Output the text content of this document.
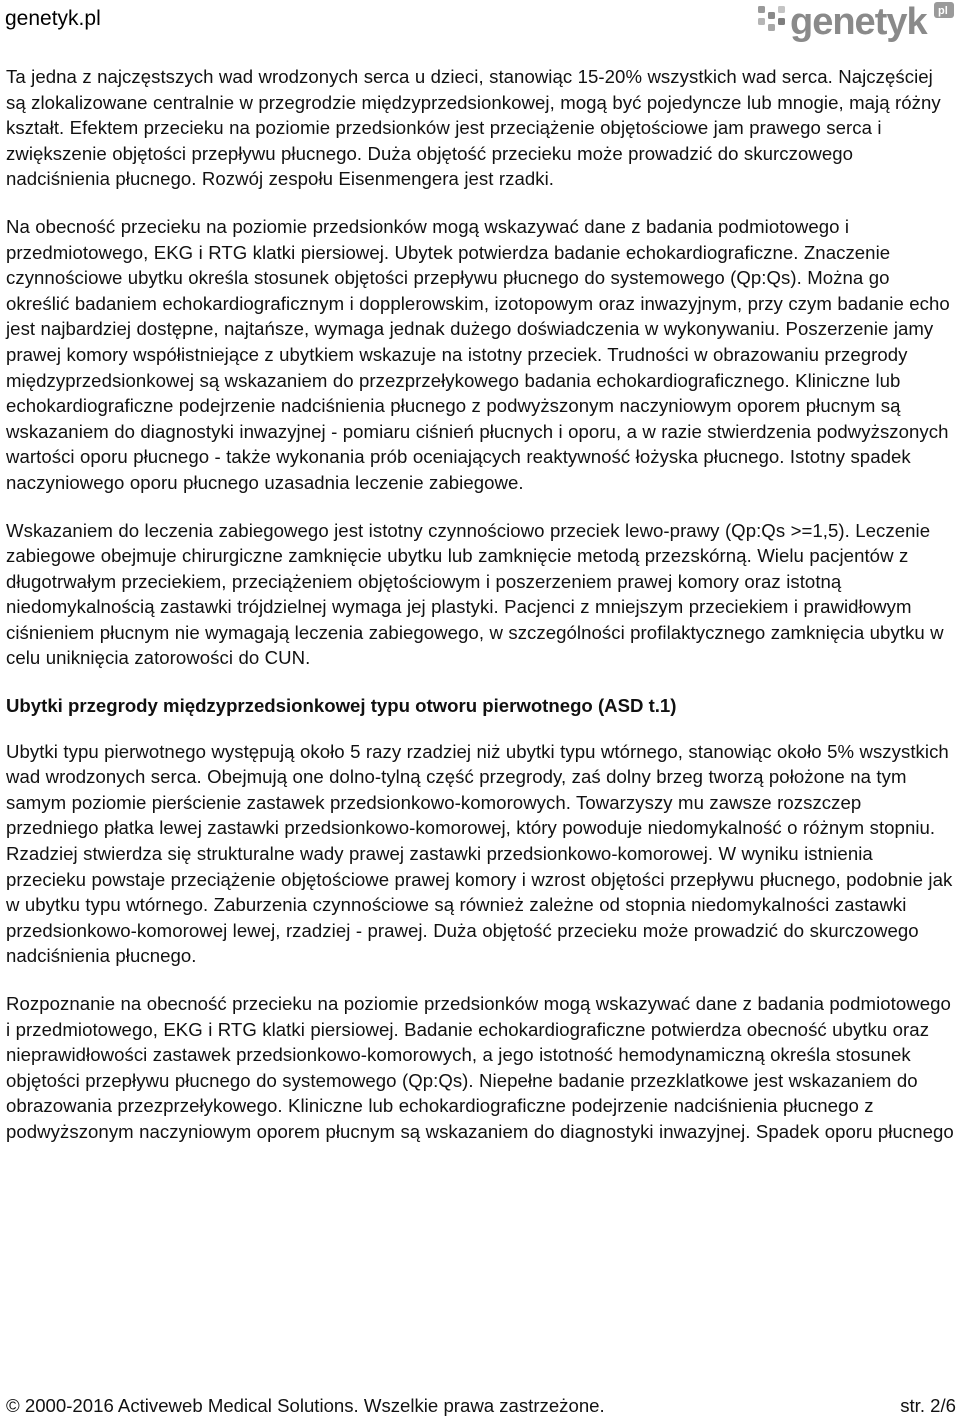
genetyk.pl	genetyk pl

Ta jedna z najczęstszych wad wrodzonych serca u dzieci, stanowiąc 15-20% wszystkich wad serca. Najczęściej są zlokalizowane centralnie w przegrodzie międzyprzedsionkowej, mogą być pojedyncze lub mnogie, mają różny kształt. Efektem przecieku na poziomie przedsionków jest przeciążenie objętościowe jam prawego serca i zwiększenie objętości przepływu płucnego. Duża objętość przecieku może prowadzić do skurczowego nadciśnienia płucnego. Rozwój zespołu Eisenmengera jest rzadki.

Na obecność przecieku na poziomie przedsionków mogą wskazywać dane z badania podmiotowego i przedmiotowego, EKG i RTG klatki piersiowej. Ubytek potwierdza badanie echokardiograficzne. Znaczenie czynnościowe ubytku określa stosunek objętości przepływu płucnego do systemowego (Qp:Qs). Można go określić badaniem echokardiograficznym i dopplerowskim, izotopowym oraz inwazyjnym, przy czym badanie echo jest najbardziej dostępne, najtańsze, wymaga jednak dużego doświadczenia w wykonywaniu. Poszerzenie jamy prawej komory współistniejące z ubytkiem wskazuje na istotny przeciek. Trudności w obrazowaniu przegrody międzyprzedsionkowej są wskazaniem do przezprzełykowego badania echokardiograficznego. Kliniczne lub echokardiograficzne podejrzenie nadciśnienia płucnego z podwyższonym naczyniowym oporem płucnym są wskazaniem do diagnostyki inwazyjnej - pomiaru ciśnień płucnych i oporu, a w razie stwierdzenia podwyższonych wartości oporu płucnego - także wykonania prób oceniających reaktywność łożyska płucnego. Istotny spadek naczyniowego oporu płucnego uzasadnia leczenie zabiegowe.

Wskazaniem do leczenia zabiegowego jest istotny czynnościowo przeciek lewo-prawy (Qp:Qs >=1,5). Leczenie zabiegowe obejmuje chirurgiczne zamknięcie ubytku lub zamknięcie metodą przezskórną. Wielu pacjentów z długotrwałym przeciekiem, przeciążeniem objętościowym i poszerzeniem prawej komory oraz istotną niedomykalnością zastawki trójdzielnej wymaga jej plastyki. Pacjenci z mniejszym przeciekiem i prawidłowym ciśnieniem płucnym nie wymagają leczenia zabiegowego, w szczególności profilaktycznego zamknięcia ubytku w celu uniknięcia zatorowości do CUN.

Ubytki przegrody międzyprzedsionkowej typu otworu pierwotnego (ASD t.1)

Ubytki typu pierwotnego występują około 5 razy rzadziej niż ubytki typu wtórnego, stanowiąc około 5% wszystkich wad wrodzonych serca. Obejmują one dolno-tylną część przegrody, zaś dolny brzeg tworzą położone na tym samym poziomie pierścienie zastawek przedsionkowo-komorowych. Towarzyszy mu zawsze rozszczep przedniego płatka lewej zastawki przedsionkowo-komorowej, który powoduje niedomykalność o różnym stopniu. Rzadziej stwierdza się strukturalne wady prawej zastawki przedsionkowo-komorowej. W wyniku istnienia przecieku powstaje przeciążenie objętościowe prawej komory i wzrost objętości przepływu płucnego, podobnie jak w ubytku typu wtórnego. Zaburzenia czynnościowe są również zależne od stopnia niedomykalności zastawki przedsionkowo-komorowej lewej, rzadziej - prawej. Duża objętość przecieku może prowadzić do skurczowego nadciśnienia płucnego.

Rozpoznanie na obecność przecieku na poziomie przedsionków mogą wskazywać dane z badania podmiotowego i przedmiotowego, EKG i RTG klatki piersiowej. Badanie echokardiograficzne potwierdza obecność ubytku oraz nieprawidłowości zastawek przedsionkowo-komorowych, a jego istotność hemodynamiczną określa stosunek objętości przepływu płucnego do systemowego (Qp:Qs). Niepełne badanie przezklatkowe jest wskazaniem do obrazowania przezprzełykowego. Kliniczne lub echokardiograficzne podejrzenie nadciśnienia płucnego z podwyższonym naczyniowym oporem płucnym są wskazaniem do diagnostyki inwazyjnej. Spadek oporu płucnego

© 2000-2016 Activeweb Medical Solutions. Wszelkie prawa zastrzeżone.	str. 2/6
